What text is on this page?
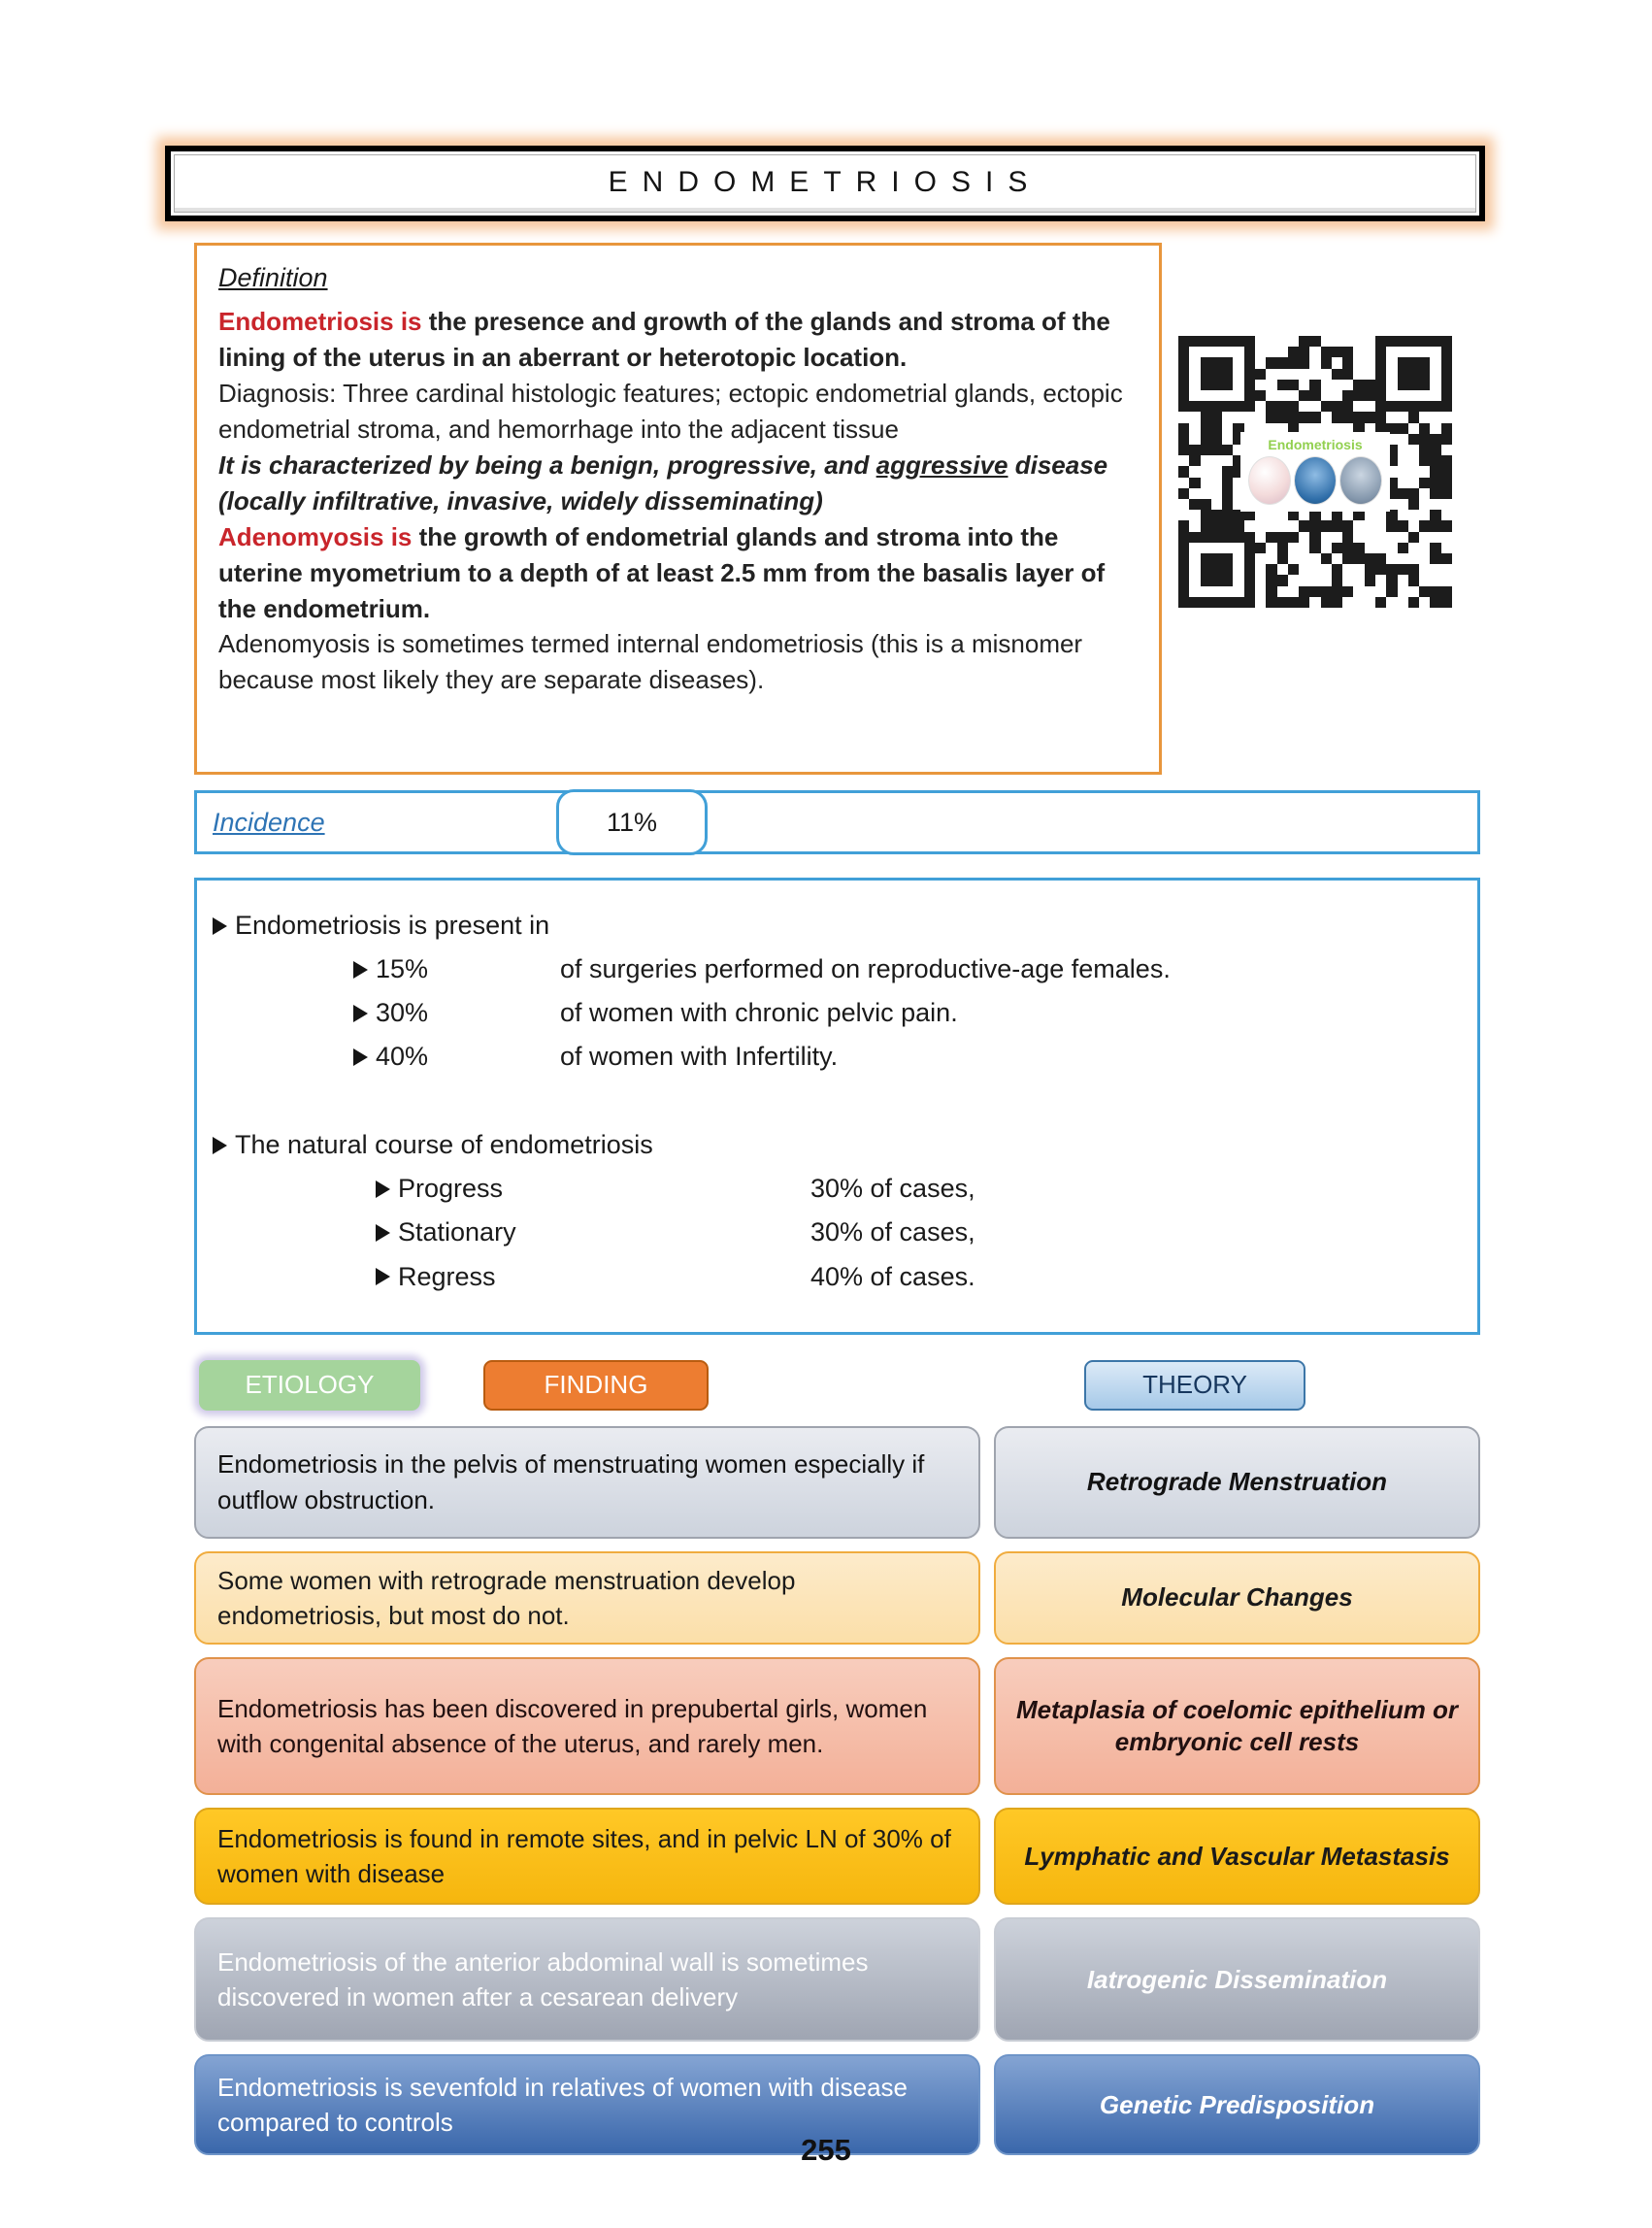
ENDOMETRIOSIS
Definition

Endometriosis is the presence and growth of the glands and stroma of the lining of the uterus in an aberrant or heterotopic location.

Diagnosis: Three cardinal histologic features; ectopic endometrial glands, ectopic endometrial stroma, and hemorrhage into the adjacent tissue

It is characterized by being a benign, progressive, and aggressive disease (locally infiltrative, invasive, widely disseminating)

Adenomyosis is the growth of endometrial glands and stroma into the uterine myometrium to a depth of at least 2.5 mm from the basalis layer of the endometrium.

Adenomyosis is sometimes termed internal endometriosis (this is a misnomer because most likely they are separate diseases).

Endometriosis
Incidence	11%
Endometriosis is present in
15%	of surgeries performed on reproductive-age females.
30%	of women with chronic pelvic pain.
40%	of women with Infertility.
The natural course of endometriosis
Progress	30% of cases,
Stationary	30% of cases,
Regress	40% of cases.
ETIOLOGY	FINDING	THEORY
Endometriosis in the pelvis of menstruating women especially if outflow obstruction.
Retrograde Menstruation
Some women with retrograde menstruation develop endometriosis, but most do not.
Molecular Changes
Endometriosis has been discovered in prepubertal girls, women with congenital absence of the uterus, and rarely men.
Metaplasia of coelomic epithelium or embryonic cell rests
Endometriosis is found in remote sites, and in pelvic LN of 30% of women with disease
Lymphatic and Vascular Metastasis
Endometriosis of the anterior abdominal wall is sometimes discovered in women after a cesarean delivery
Iatrogenic Dissemination
Endometriosis is sevenfold in relatives of women with disease compared to controls
Genetic Predisposition
255
